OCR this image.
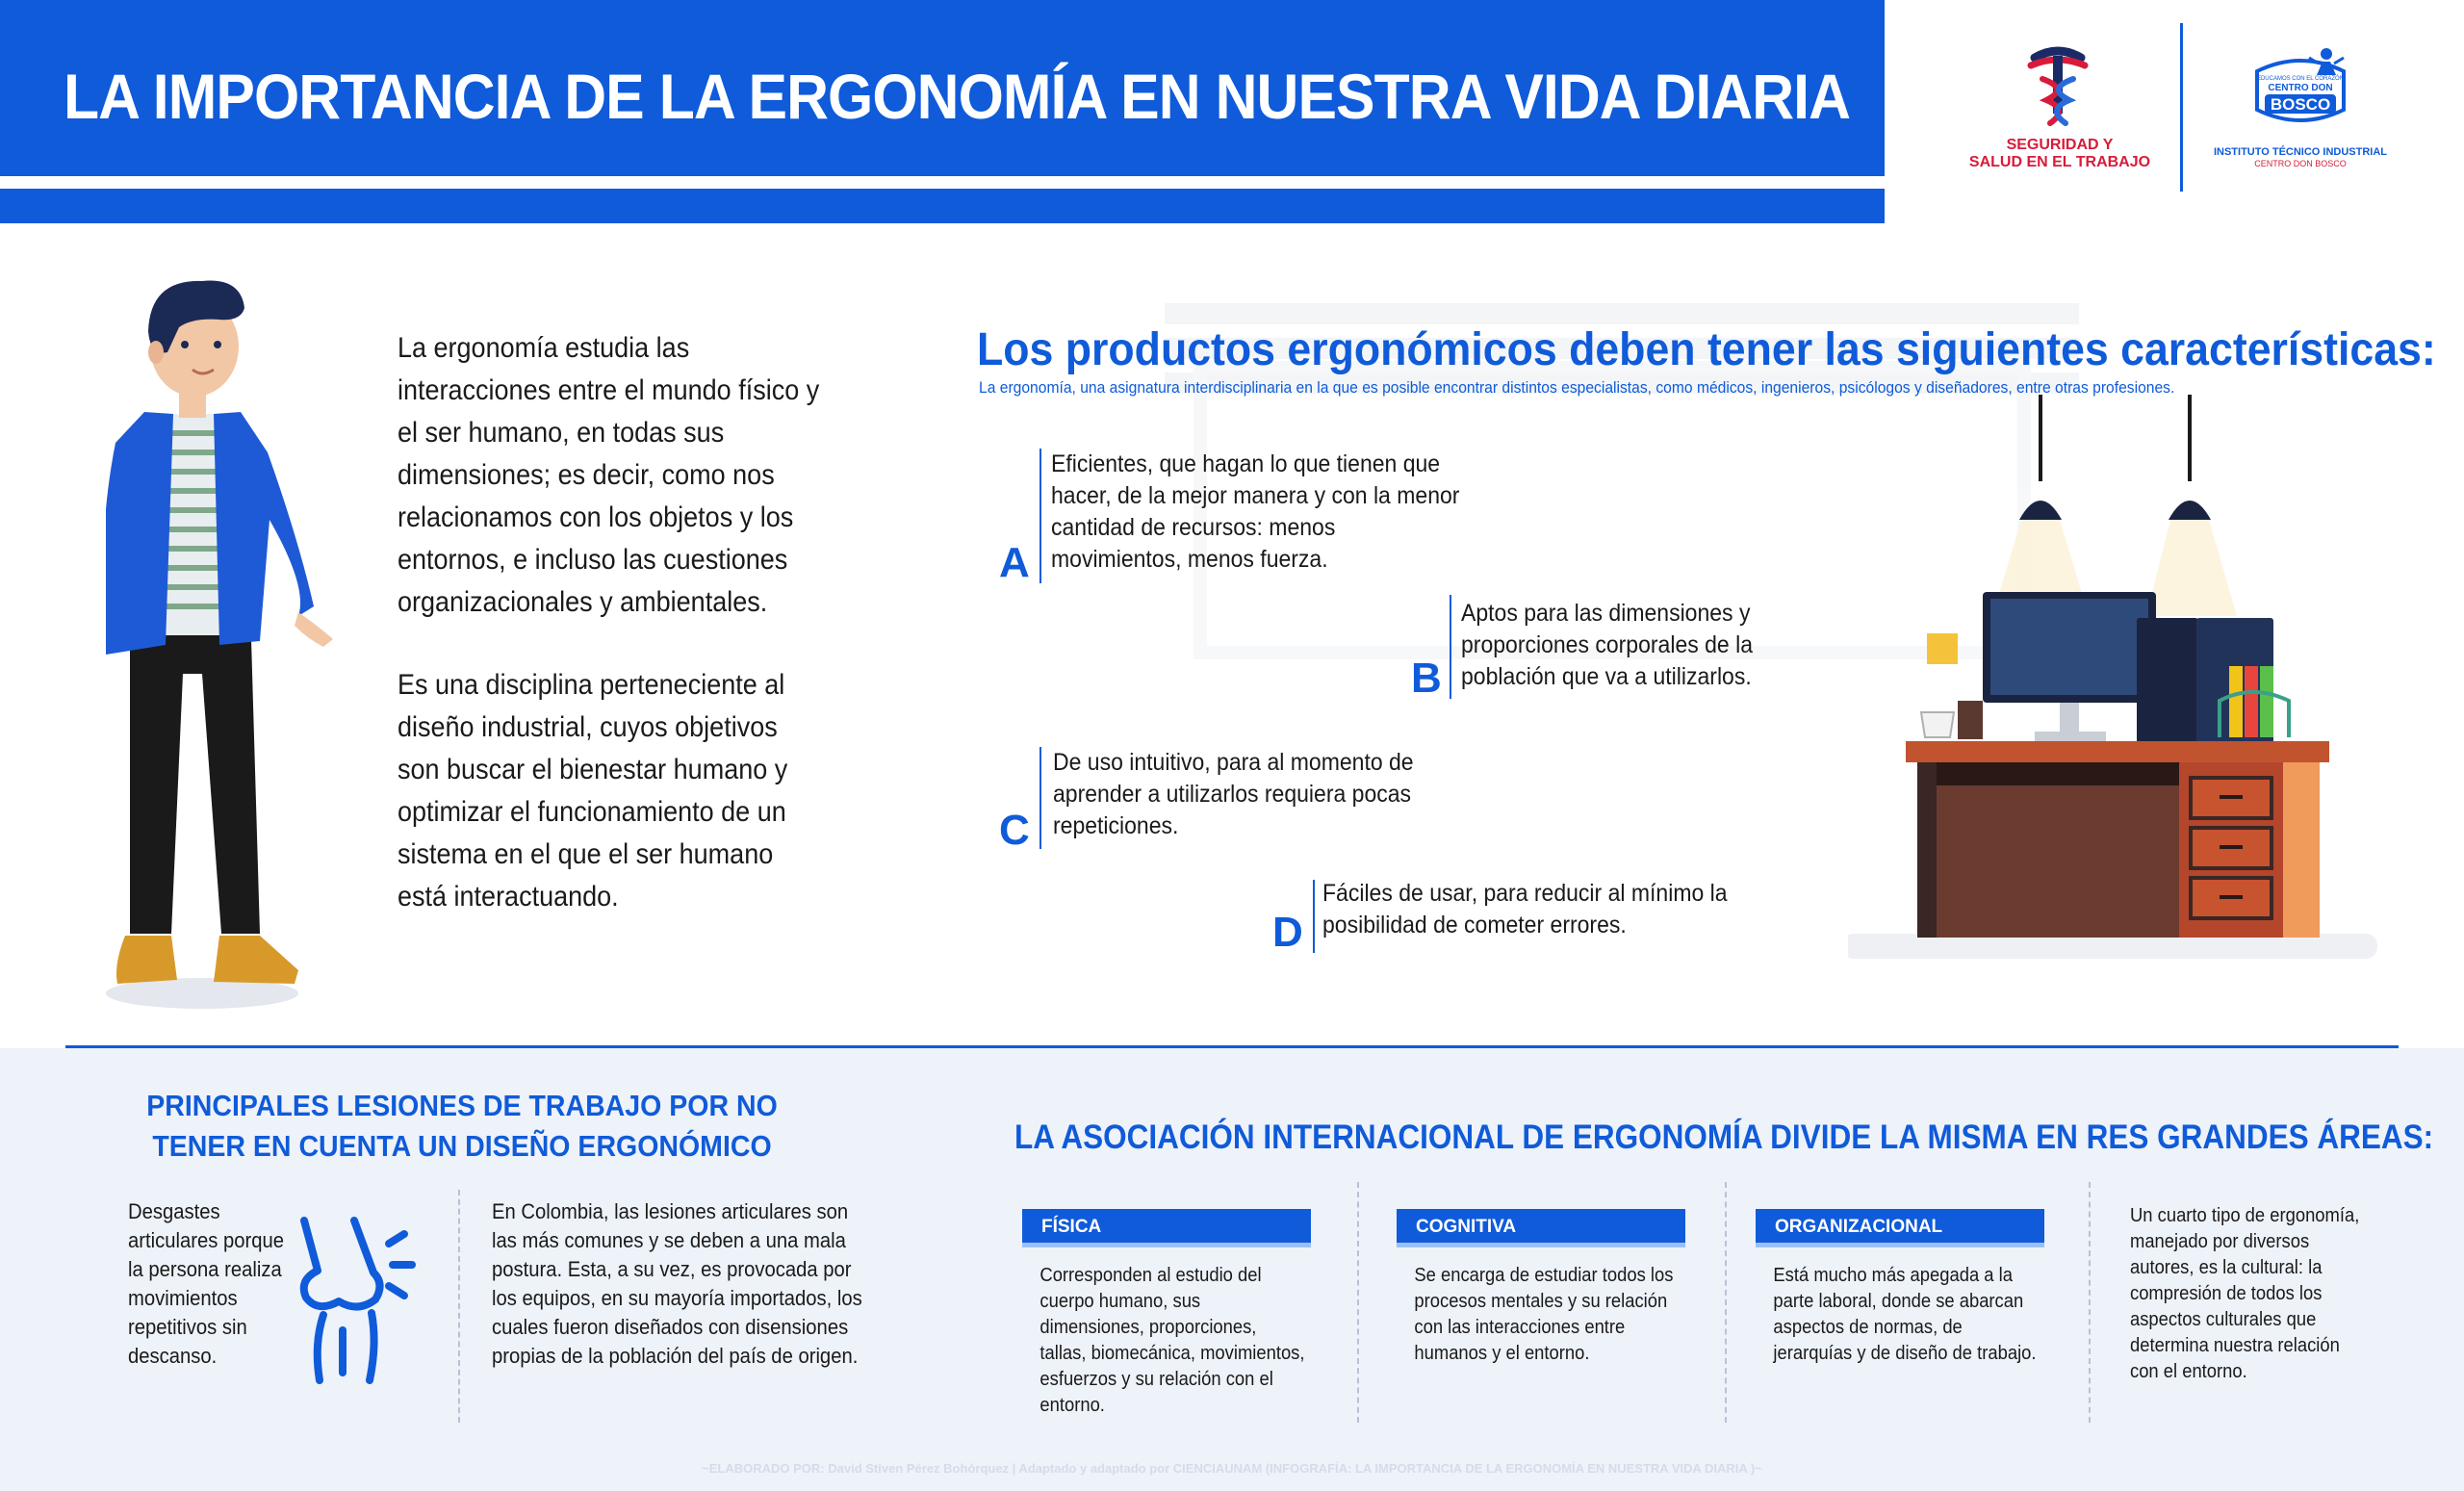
LA IMPORTANCIA DE LA ERGONOMÍA EN NUESTRA VIDA DIARIA
SEGURIDAD Y
SALUD EN EL TRABAJO
EDUCAMOS CON EL CORAZÓN
CENTRO DON
BOSCO
INSTITUTO TÉCNICO INDUSTRIAL
CENTRO DON BOSCO

La ergonomía estudia las interacciones entre el mundo físico y el ser humano, en todas sus dimensiones; es decir, como nos relacionamos con los objetos y los entornos, e incluso las cuestiones organizacionales y ambientales.

Es una disciplina perteneciente al diseño industrial, cuyos objetivos son buscar el bienestar humano y optimizar el funcionamiento de un sistema en el que el ser humano está interactuando.

Los productos ergonómicos deben tener las siguientes características:
La ergonomía, una asignatura interdisciplinaria en la que es posible encontrar distintos especialistas, como médicos, ingenieros, psicólogos y diseñadores, entre otras profesiones.
A
Eficientes, que hagan lo que tienen que hacer, de la mejor manera y con la menor cantidad de recursos: menos movimientos, menos fuerza.
B
Aptos para las dimensiones y proporciones corporales de la población que va a utilizarlos.
C
De uso intuitivo, para al momento de aprender a utilizarlos requiera pocas repeticiones.
D
Fáciles de usar, para reducir al mínimo la posibilidad de cometer errores.
PRINCIPALES LESIONES DE TRABAJO POR NO TENER EN CUENTA UN DISEÑO ERGONÓMICO
Desgastes articulares porque la persona realiza movimientos repetitivos sin descanso.
En Colombia, las lesiones articulares son las más comunes y se deben a una mala postura. Esta, a su vez, es provocada por los equipos, en su mayoría importados, los cuales fueron diseñados con disensiones propias de la población del país de origen.
LA ASOCIACIÓN INTERNACIONAL DE ERGONOMÍA DIVIDE LA MISMA EN RES GRANDES ÁREAS:
FÍSICA
Corresponden al estudio del cuerpo humano, sus dimensiones, proporciones, tallas, biomecánica, movimientos, esfuerzos y su relación con el entorno.
COGNITIVA
Se encarga de estudiar todos los procesos mentales y su relación con las interacciones entre humanos y el entorno.
ORGANIZACIONAL
Está mucho más apegada a la parte laboral, donde se abarcan aspectos de normas, de jerarquías y de diseño de trabajo.
Un cuarto tipo de ergonomía, manejado por diversos autores, es la cultural: la compresión de todos los aspectos culturales que determina nuestra relación con el entorno.
~ELABORADO POR: David Stiven Pérez Bohórquez | Adaptado y adaptado por CIENCIAUNAM (INFOGRAFÍA: LA IMPORTANCIA DE LA ERGONOMÍA EN NUESTRA VIDA DIARIA )~
